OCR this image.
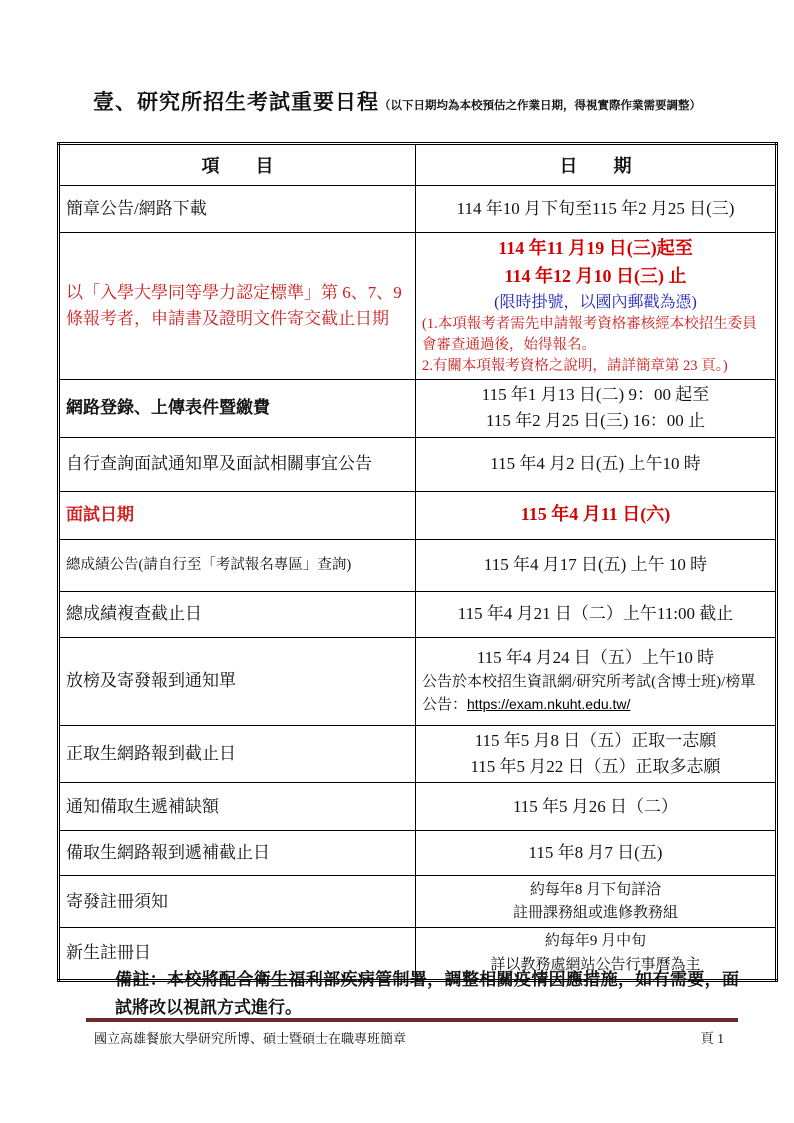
壹、研究所招生考試重要日程（以下日期均為本校預估之作業日期，得視實際作業需要調整）
項　　目	日　　期
簡章公告/網路下載	114 年10 月下旬至115 年2 月25 日(三)
以「入學大學同等學力認定標準」第 6、7、9 條報考者，申請書及證明文件寄交截止日期	114 年11 月19 日(三)起至
114 年12 月10 日(三) 止
(限時掛號，以國內郵戳為憑)
(1.本項報考者需先申請報考資格審核經本校招生委員會審查通過後，始得報名。
2.有關本項報考資格之說明，請詳簡章第 23 頁。)

網路登錄、上傳表件暨繳費	115 年1 月13 日(二) 9：00 起至
115 年2 月25 日(三) 16：00 止

自行查詢面試通知單及面試相關事宜公告	115 年4 月2 日(五) 上午10 時
面試日期	115 年4 月11 日(六)
總成績公告(請自行至「考試報名專區」查詢)	115 年4 月17 日(五) 上午 10 時
總成績複查截止日	115 年4 月21 日（二）上午11:00 截止
放榜及寄發報到通知單	115 年4 月24 日（五）上午10 時
公告於本校招生資訊網/研究所考試(含博士班)/榜單公告：https://exam.nkuht.edu.tw/

正取生網路報到截止日	115 年5 月8 日（五）正取一志願
115 年5 月22 日（五）正取多志願

通知備取生遞補缺額	115 年5 月26 日（二）
備取生網路報到遞補截止日	115 年8 月7 日(五)
寄發註冊須知	約每年8 月下旬詳洽
註冊課務組或進修教務組

新生註冊日	約每年9 月中旬
詳以教務處網站公告行事曆為主
備註：本校將配合衛生福利部疾病管制署，調整相關疫情因應措施，如有需要，面試將改以視訊方式進行。
國立高雄餐旅大學研究所博、碩士暨碩士在職專班簡章	頁 1
